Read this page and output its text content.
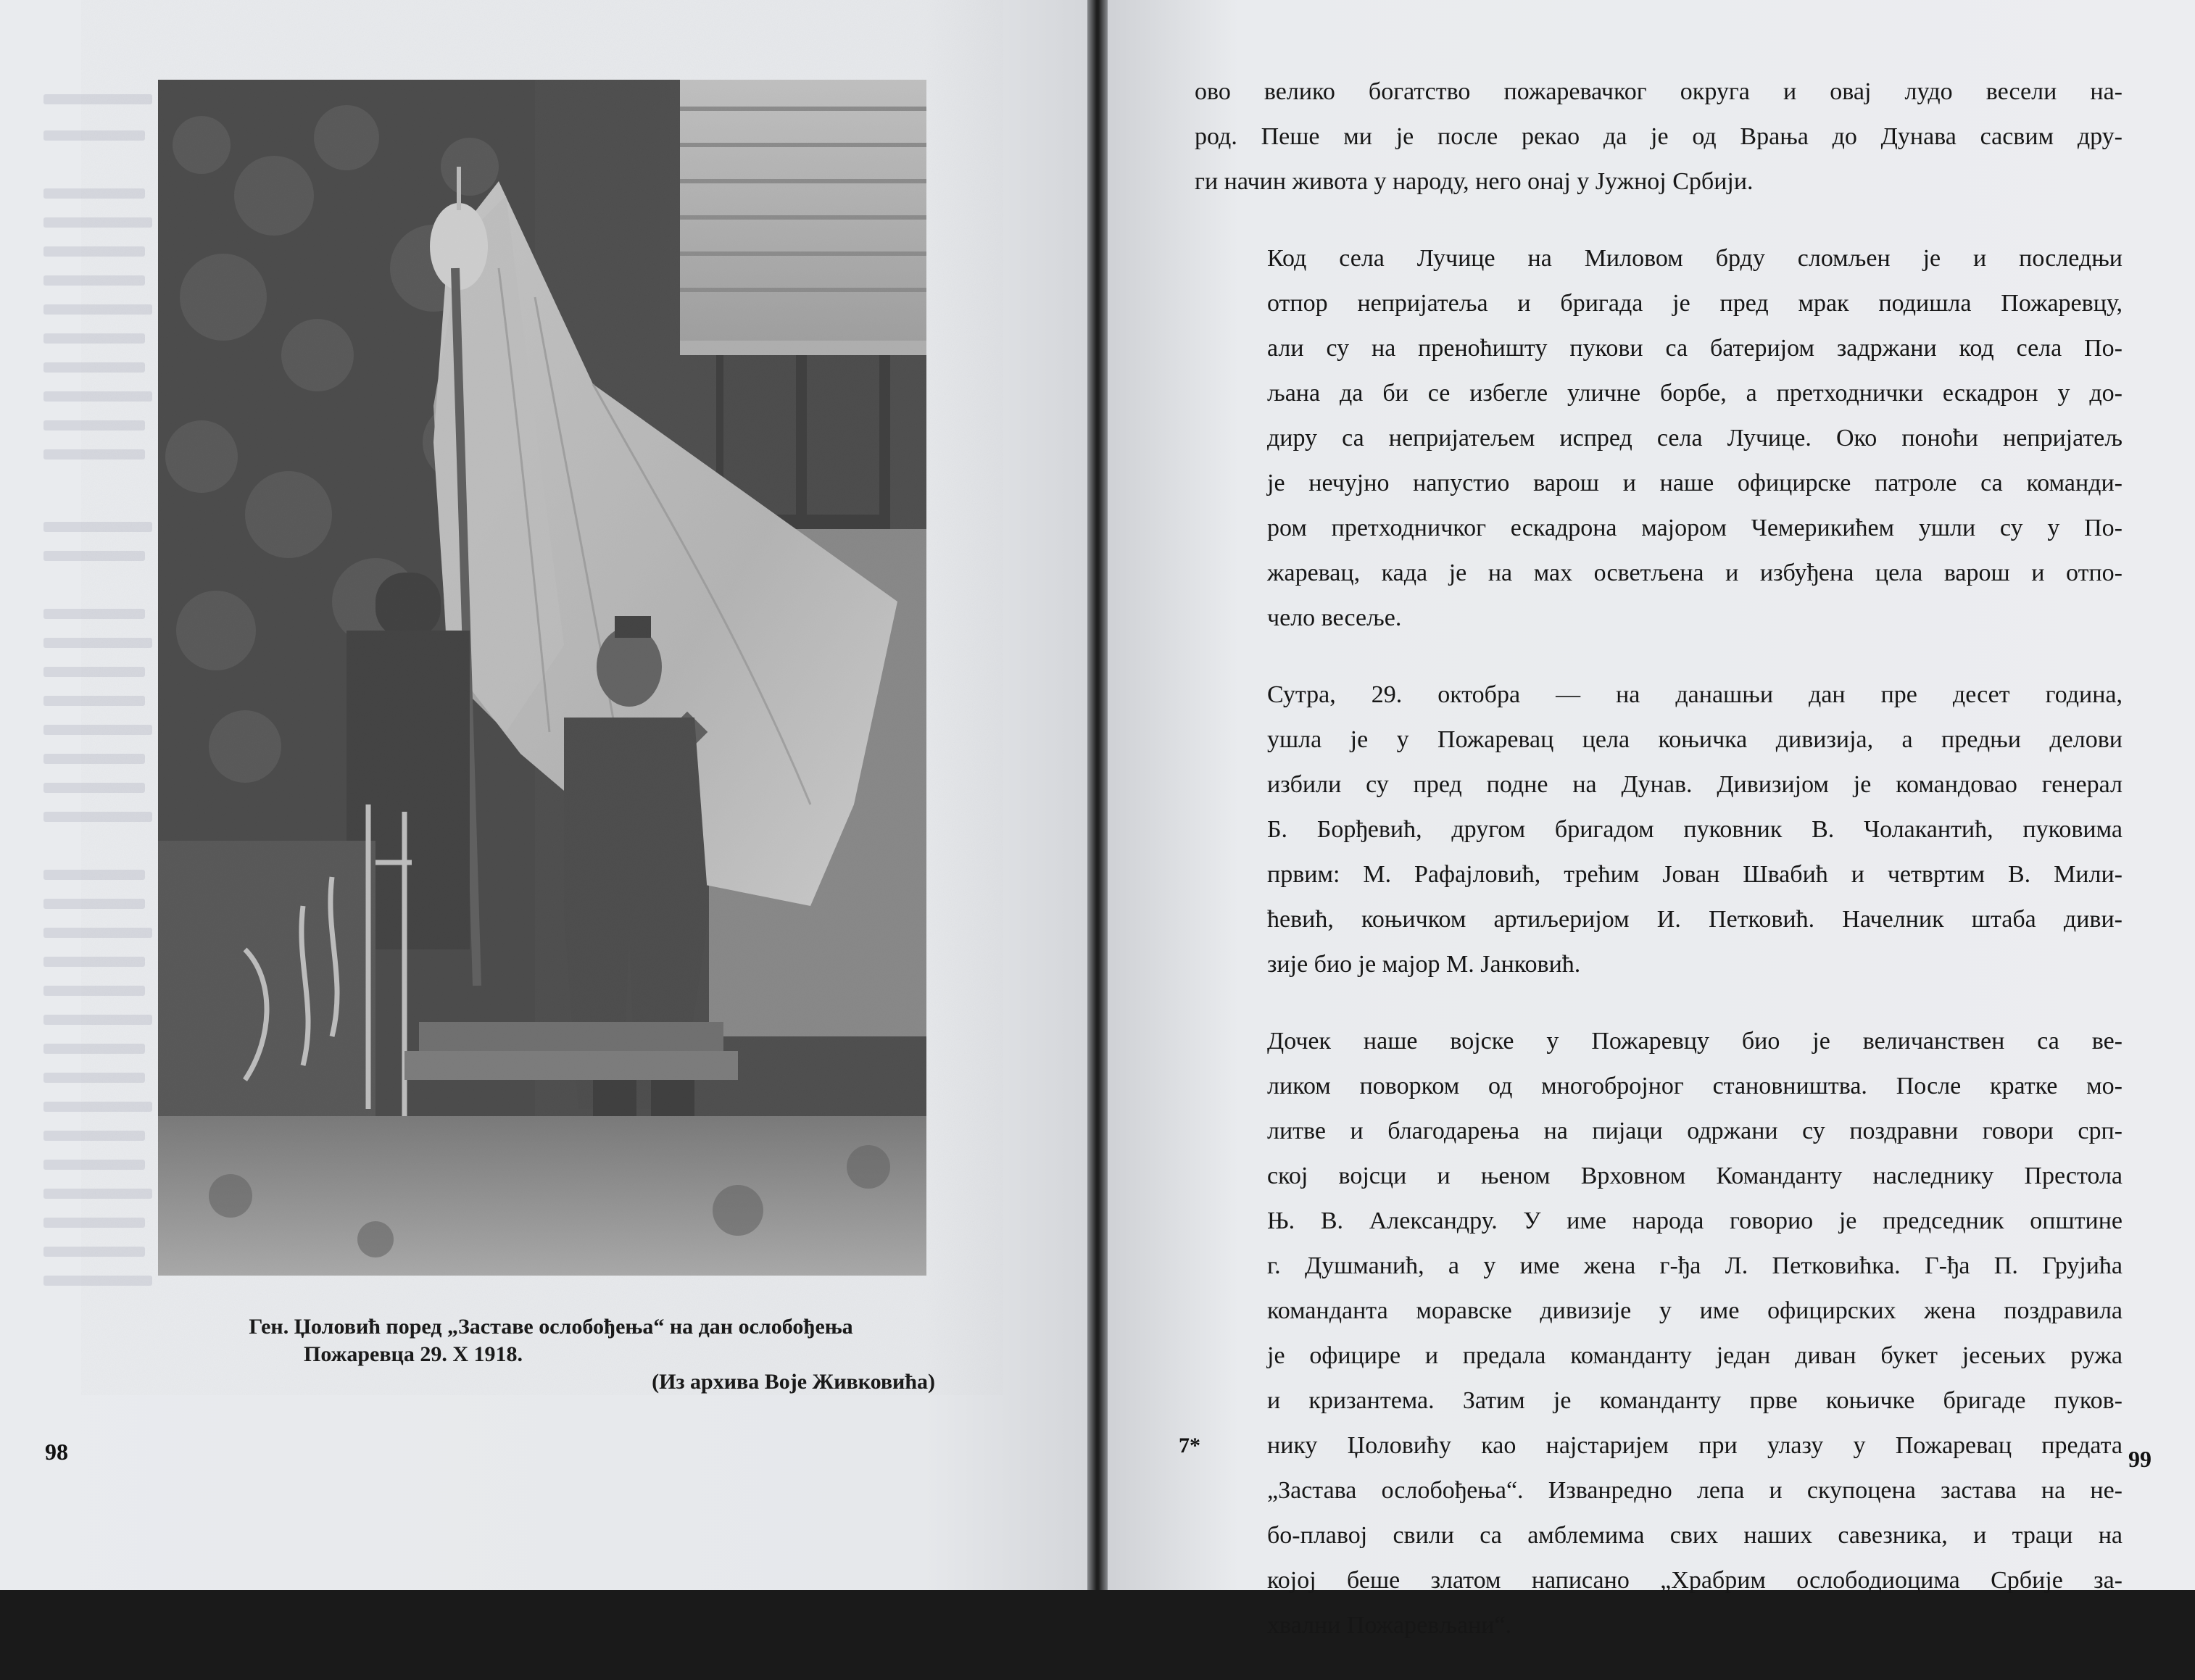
Ген. Џоловић поред „Заставе ослобођења“ на дан ослобођења
Пожаревца 29. X 1918.
(Из архива Воје Живковића)
98

ово велико богатство пожаревачког округа и овај лудо весели на-
род. Пеше ми је после рекао да је од Врања до Дунава сасвим дру-
ги начин живота у народу, него онај у Јужној Србији.

Код села Лучице на Миловом брду сломљен је и последњи
отпор непријатеља и бригада је пред мрак подишла Пожаревцу,
али су на преноћишту пукови са батеријом задржани код села По-
љана да би се избегле уличне борбе, а претходнички ескадрон у до-
диру са непријатељем испред села Лучице. Око поноћи непријатељ
је нечујно напустио варош и наше официрске патроле са команди-
ром претходничког ескадрона мајором Чемерикићем ушли су у По-
жаревац, када је на мах осветљена и избуђена цела варош и отпо-
чело весеље.

Сутра, 29. октобра — на данашњи дан пре десет година,
ушла је у Пожаревац цела коњичка дивизија, а предњи делови
избили су пред подне на Дунав. Дивизијом је командовао генерал
Б. Борђевић, другом бригадом пуковник В. Чолакантић, пуковима
првим: М. Рафајловић, трећим Јован Швабић и четвртим В. Мили-
ћевић, коњичком артиљеријом И. Петковић. Начелник штаба диви-
зије био је мајор М. Јанковић.

Дочек наше војске у Пожаревцу био је величанствен са ве-
ликом поворком од многобројног становништва. После кратке мо-
литве и благодарења на пијаци одржани су поздравни говори срп-
ској војсци и њеном Врховном Команданту наследнику Престола
Њ. В. Александру. У име народа говорио је председник општине
г. Душманић, а у име жена г-ђа Л. Петковићка. Г-ђа П. Грујића
команданта моравске дивизије у име официрских жена поздравила
је официре и предала команданту један диван букет јесењих ружа
и кризантема. Затим је команданту прве коњичке бригаде пуков-
нику Џоловићу као најстаријем при улазу у Пожаревац предата
„Застава ослобођења“. Изванредно лепа и скупоцена застава на не-
бо-плавој свили са амблемима свих наших савезника, и траци на
којој беше златом написано „Храбрим ослободиоцима Србије за-
хвални Пожаревљани“.

7*
99
